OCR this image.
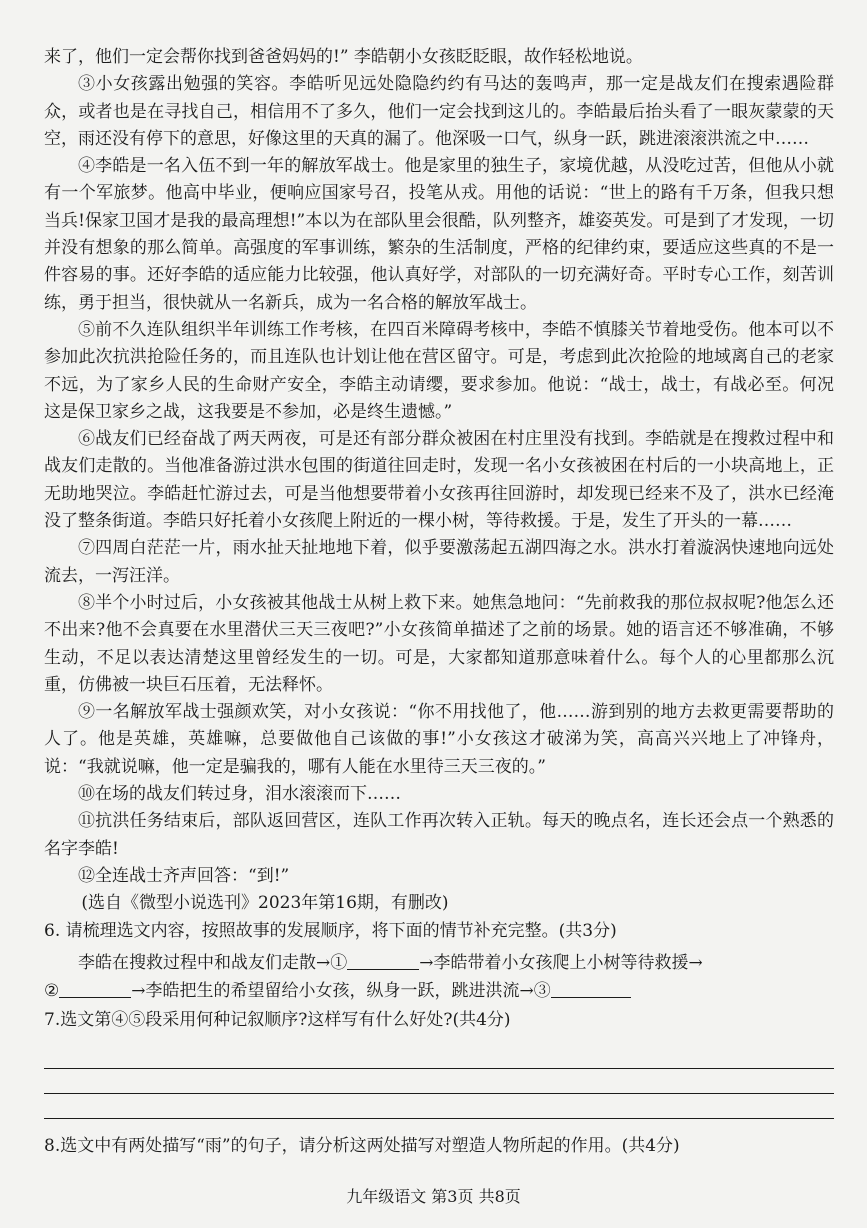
来了，他们一定会帮你找到爸爸妈妈的!” 李皓朝小女孩眨眨眼，故作轻松地说。

③小女孩露出勉强的笑容。李皓听见远处隐隐约约有马达的轰鸣声，那一定是战友们在搜索遇险群众，或者也是在寻找自己，相信用不了多久，他们一定会找到这儿的。李皓最后抬头看了一眼灰蒙蒙的天空，雨还没有停下的意思，好像这里的天真的漏了。他深吸一口气，纵身一跃，跳进滚滚洪流之中……

④李皓是一名入伍不到一年的解放军战士。他是家里的独生子，家境优越，从没吃过苦，但他从小就有一个军旅梦。他高中毕业，便响应国家号召，投笔从戎。用他的话说：“世上的路有千万条，但我只想当兵!保家卫国才是我的最高理想!”本以为在部队里会很酷，队列整齐，雄姿英发。可是到了才发现，一切并没有想象的那么简单。高强度的军事训练，繁杂的生活制度，严格的纪律约束，要适应这些真的不是一件容易的事。还好李皓的适应能力比较强，他认真好学，对部队的一切充满好奇。平时专心工作，刻苦训练，勇于担当，很快就从一名新兵，成为一名合格的解放军战士。

⑤前不久连队组织半年训练工作考核，在四百米障碍考核中，李皓不慎膝关节着地受伤。他本可以不参加此次抗洪抢险任务的，而且连队也计划让他在营区留守。可是，考虑到此次抢险的地域离自己的老家不远，为了家乡人民的生命财产安全，李皓主动请缨，要求参加。他说：“战士，战士，有战必至。何况这是保卫家乡之战，这我要是不参加，必是终生遗憾。”

⑥战友们已经奋战了两天两夜，可是还有部分群众被困在村庄里没有找到。李皓就是在搜救过程中和战友们走散的。当他准备游过洪水包围的街道往回走时，发现一名小女孩被困在村后的一小块高地上，正无助地哭泣。李皓赶忙游过去，可是当他想要带着小女孩再往回游时，却发现已经来不及了，洪水已经淹没了整条街道。李皓只好托着小女孩爬上附近的一棵小树，等待救援。于是，发生了开头的一幕……

⑦四周白茫茫一片，雨水扯天扯地地下着，似乎要激荡起五湖四海之水。洪水打着漩涡快速地向远处流去，一泻汪洋。

⑧半个小时过后，小女孩被其他战士从树上救下来。她焦急地问：“先前救我的那位叔叔呢?他怎么还不出来?他不会真要在水里潜伏三天三夜吧?”小女孩简单描述了之前的场景。她的语言还不够准确，不够生动，不足以表达清楚这里曾经发生的一切。可是，大家都知道那意味着什么。每个人的心里都那么沉重，仿佛被一块巨石压着，无法释怀。

⑨一名解放军战士强颜欢笑，对小女孩说：“你不用找他了，他……游到别的地方去救更需要帮助的人了。他是英雄，英雄嘛，总要做他自己该做的事!”小女孩这才破涕为笑，高高兴兴地上了冲锋舟，说：“我就说嘛，他一定是骗我的，哪有人能在水里待三天三夜的。”

⑩在场的战友们转过身，泪水滚滚而下……

⑪抗洪任务结束后，部队返回营区，连队工作再次转入正轨。每天的晚点名，连长还会点一个熟悉的名字李皓!

⑫全连战士齐声回答：“到!”

(选自《微型小说选刊》2023年第16期，有删改)

6. 请梳理选文内容，按照故事的发展顺序，将下面的情节补充完整。(共3分)

李皓在搜救过程中和战友们走散→①	→李皓带着小女孩爬上小树等待救援→
②	→李皓把生的希望留给小女孩，纵身一跃，跳进洪流→③

7.选文第④⑤段采用何种记叙顺序?这样写有什么好处?(共4分)

8.选文中有两处描写“雨”的句子，请分析这两处描写对塑造人物所起的作用。(共4分)

九年级语文 第3页 共8页
